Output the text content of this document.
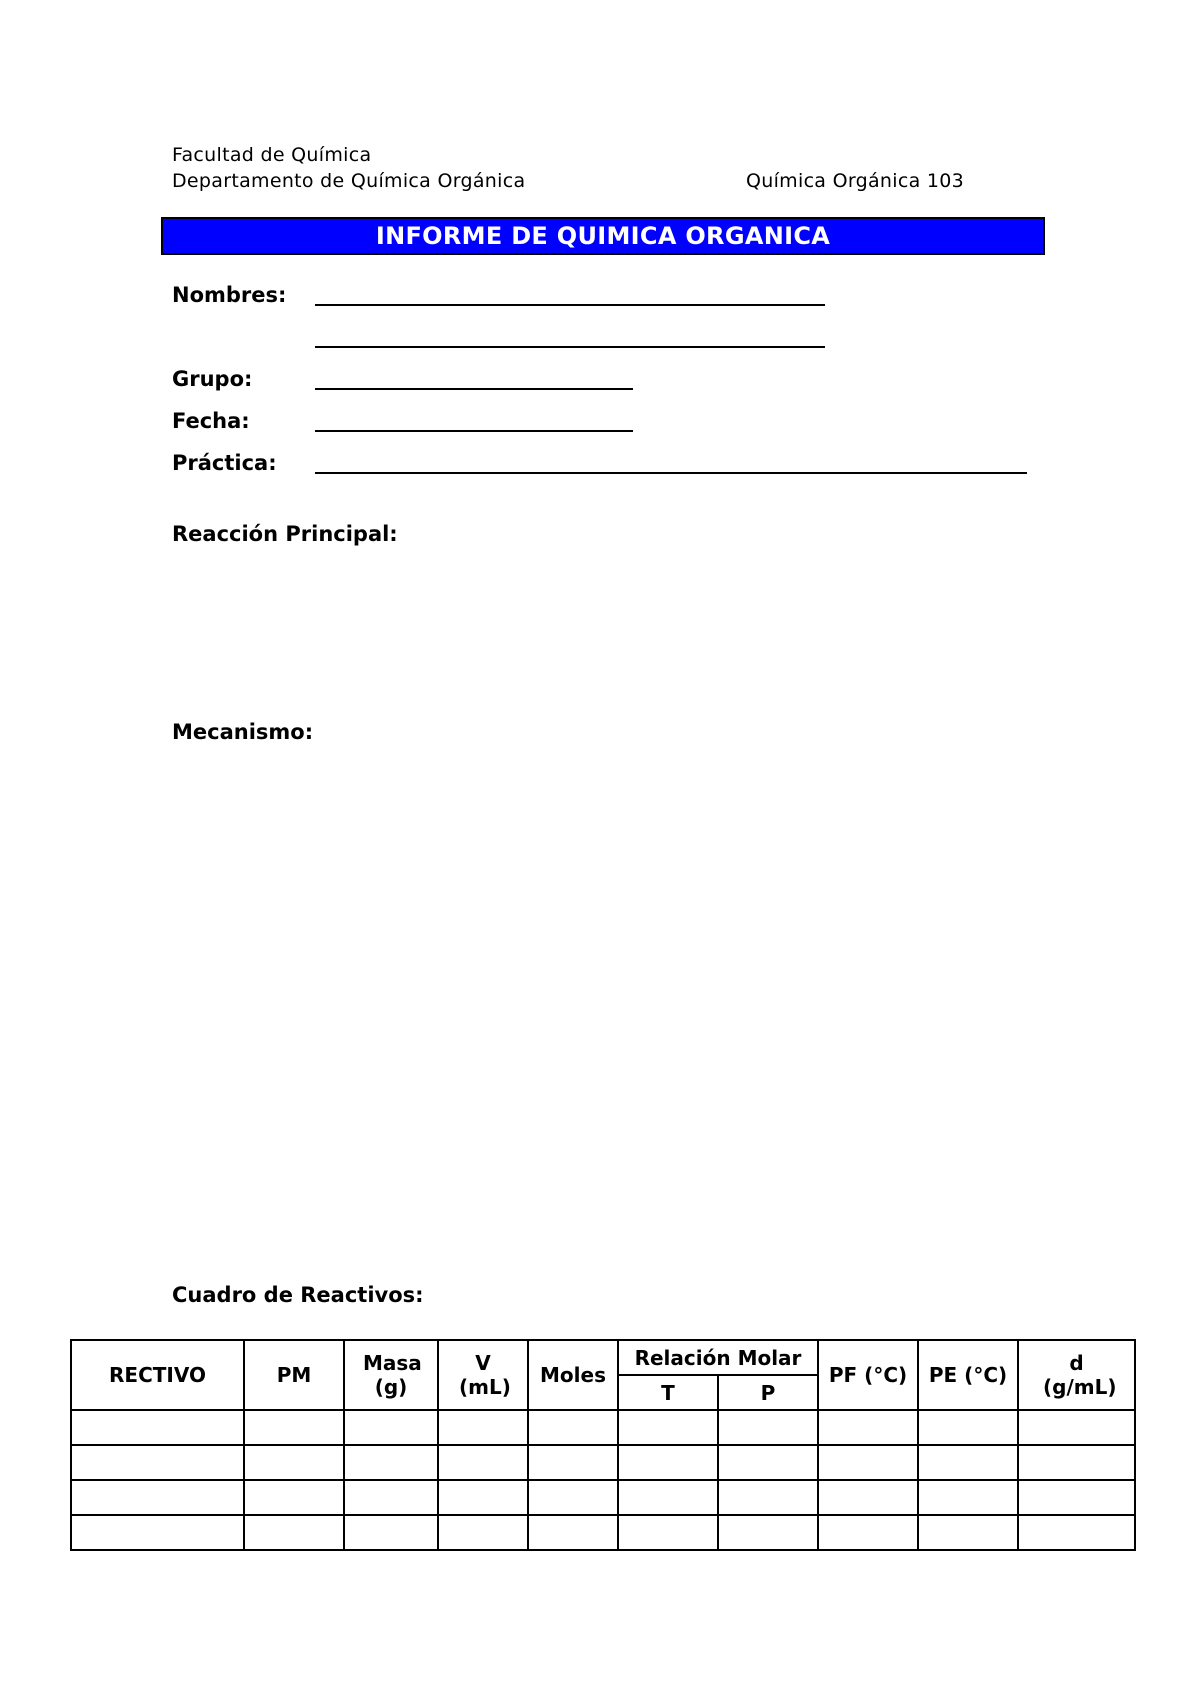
Facultad de Química
Departamento de Química Orgánica	Química Orgánica 103
INFORME DE QUIMICA ORGANICA
Nombres:
Grupo:
Fecha:
Práctica:
Reacción Principal:
Mecanismo:
Cuadro de Reactivos:
RECTIVO	PM	Masa (g)	V (mL)	Moles	Relación Molar		PF (°C)	PE (°C)	d (g/mL)
					T	P			
